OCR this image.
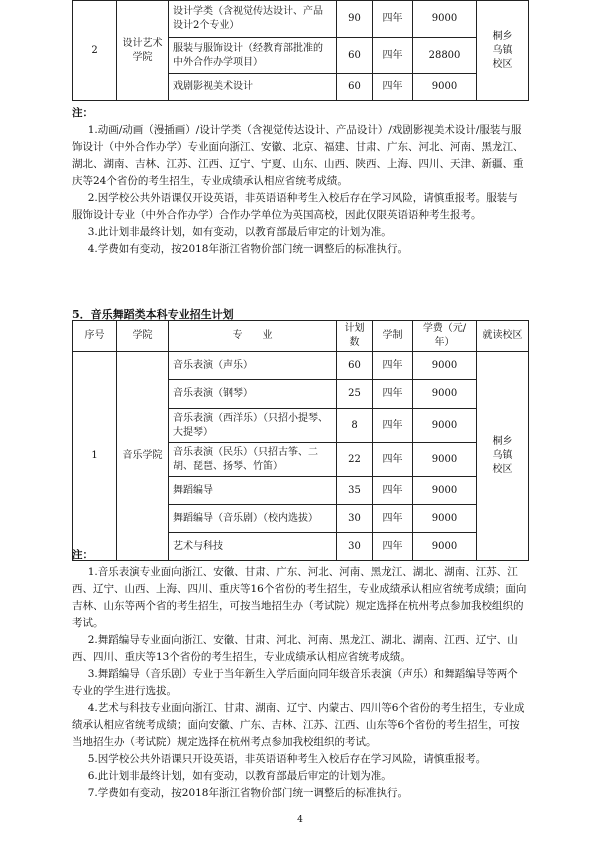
2	设计艺术学院	设计学类（含视觉传达设计、产品设计2个专业）	90	四年	9000	桐乡乌镇校区
		服装与服饰设计（经教育部批准的中外合作办学项目）	60	四年	28800	
		戏剧影视美术设计	60	四年	9000	

注：

1.动画/动画（漫插画）/设计学类（含视觉传达设计、产品设计）/戏剧影视美术设计/服装与服饰设计（中外合作办学）专业面向浙江、安徽、北京、福建、甘肃、广东、河北、河南、黑龙江、湖北、湖南、吉林、江苏、江西、辽宁、宁夏、山东、山西、陕西、上海、四川、天津、新疆、重庆等24个省份的考生招生，专业成绩承认相应省统考成绩。

2.因学校公共外语课仅开设英语，非英语语种考生入校后存在学习风险，请慎重报考。服装与服饰设计专业（中外合作办学）合作办学单位为英国高校，因此仅限英语语种考生报考。

3.此计划非最终计划，如有变动，以教育部最后审定的计划为准。

4.学费如有变动，按2018年浙江省物价部门统一调整后的标准执行。

5．音乐舞蹈类本科专业招生计划
序号	学院	专　　业	计划数	学制	学费（元/年）	就读校区
1	音乐学院	音乐表演（声乐）	60	四年	9000	桐乡乌镇校区
		音乐表演（钢琴）	25	四年	9000	
		音乐表演（西洋乐）（只招小提琴、大提琴）	8	四年	9000	
		音乐表演（民乐）（只招古筝、二胡、琵琶、扬琴、竹笛）	22	四年	9000	
		舞蹈编导	35	四年	9000	
		舞蹈编导（音乐剧）（校内选拔）	30	四年	9000	
		艺术与科技	30	四年	9000	

注：

1.音乐表演专业面向浙江、安徽、甘肃、广东、河北、河南、黑龙江、湖北、湖南、江苏、江西、辽宁、山西、上海、四川、重庆等16个省份的考生招生，专业成绩承认相应省统考成绩；面向吉林、山东等两个省的考生招生，可按当地招生办（考试院）规定选择在杭州考点参加我校组织的考试。

2.舞蹈编导专业面向浙江、安徽、甘肃、河北、河南、黑龙江、湖北、湖南、江西、辽宁、山西、四川、重庆等13个省份的考生招生，专业成绩承认相应省统考成绩。

3.舞蹈编导（音乐剧）专业于当年新生入学后面向同年级音乐表演（声乐）和舞蹈编导等两个专业的学生进行选拔。

4.艺术与科技专业面向浙江、甘肃、湖南、辽宁、内蒙古、四川等6个省份的考生招生，专业成绩承认相应省统考成绩；面向安徽、广东、吉林、江苏、江西、山东等6个省份的考生招生，可按当地招生办（考试院）规定选择在杭州考点参加我校组织的考试。

5.因学校公共外语课只开设英语，非英语语种考生入校后存在学习风险，请慎重报考。

6.此计划非最终计划，如有变动，以教育部最后审定的计划为准。

7.学费如有变动，按2018年浙江省物价部门统一调整后的标准执行。

4
